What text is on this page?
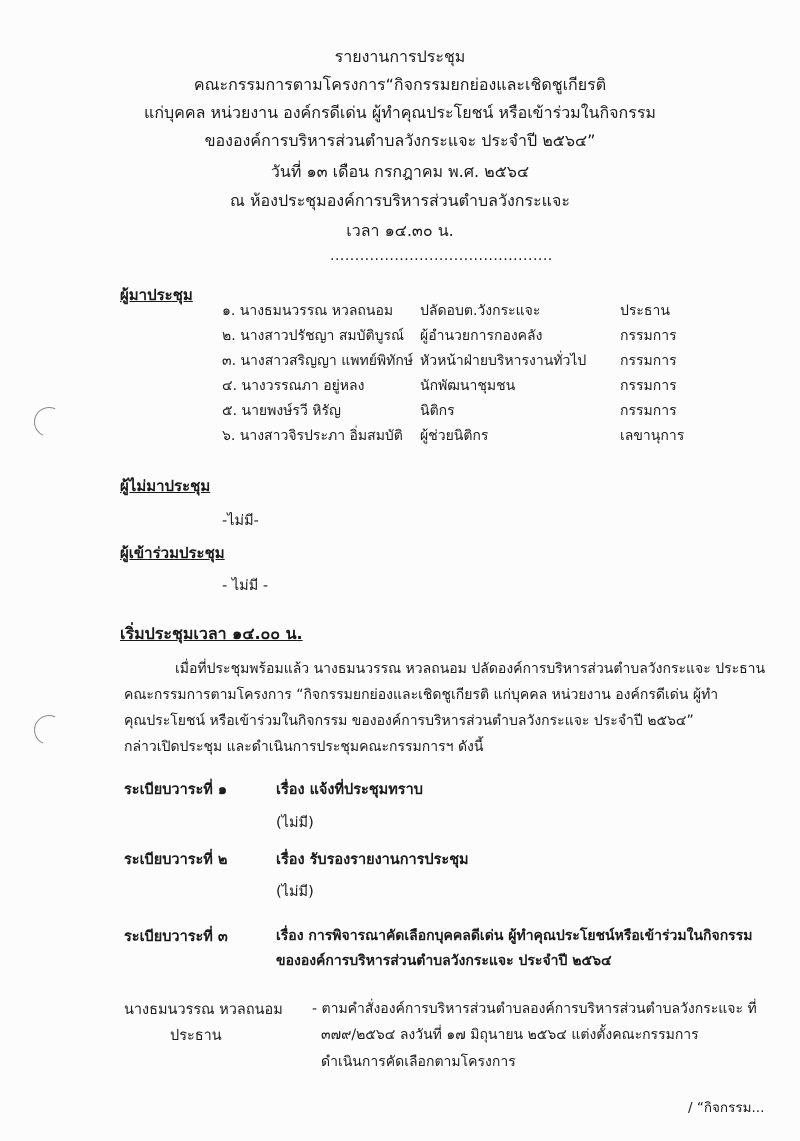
รายงานการประชุม
คณะกรรมการตามโครงการ“กิจกรรมยกย่องและเชิดชูเกียรติ
แก่บุคคล หน่วยงาน องค์กรดีเด่น ผู้ทำคุณประโยชน์ หรือเข้าร่วมในกิจกรรม
ขององค์การบริหารส่วนตำบลวังกระแจะ ประจำปี ๒๕๖๔”
วันที่ ๑๓ เดือน กรกฎาคม พ.ศ. ๒๕๖๔
ณ ห้องประชุมองค์การบริหารส่วนตำบลวังกระแจะ
เวลา ๑๔.๓๐ น.
.............................................
ผู้มาประชุม
๑. นางธมนวรรณ หวลถนอม ปลัดอบต.วังกระแจะ	ประธาน
๒. นางสาวปรัชญา สมบัติบูรณ์ ผู้อำนวยการกองคลัง	กรรมการ
๓. นางสาวสริญญา แพทย์พิทักษ์ หัวหน้าฝ่ายบริหารงานทั่วไป กรรมการ
๔. นางวรรณภา อยู่หลง	นักพัฒนาชุมชน	กรรมการ
๕. นายพงษ์รวี หิรัญ	นิติกร	กรรมการ
๖. นางสาวจิรประภา อิ่มสมบัติ ผู้ช่วยนิติกร	เลขานุการ
ผู้ไม่มาประชุม
-ไม่มี-
ผู้เข้าร่วมประชุม
- ไม่มี -
เริ่มประชุมเวลา ๑๔.๐๐ น.
เมื่อที่ประชุมพร้อมแล้ว นางธมนวรรณ หวลถนอม ปลัดองค์การบริหารส่วนตำบลวังกระแจะ ประธาน
คณะกรรมการตามโครงการ “กิจกรรมยกย่องและเชิดชูเกียรติ แก่บุคคล หน่วยงาน องค์กรดีเด่น ผู้ทำ
คุณประโยชน์ หรือเข้าร่วมในกิจกรรม ขององค์การบริหารส่วนตำบลวังกระแจะ ประจำปี ๒๕๖๔”
กล่าวเปิดประชุม และดำเนินการประชุมคณะกรรมการฯ ดังนี้
ระเบียบวาระที่ ๑	เรื่อง แจ้งที่ประชุมทราบ
(ไม่มี)
ระเบียบวาระที่ ๒	เรื่อง รับรองรายงานการประชุม
(ไม่มี)
ระเบียบวาระที่ ๓	เรื่อง การพิจารณาคัดเลือกบุคคลดีเด่น ผู้ทำคุณประโยชน์หรือเข้าร่วมในกิจกรรม
ขององค์การบริหารส่วนตำบลวังกระแจะ ประจำปี ๒๕๖๔
นางธมนวรรณ หวลถนอม
ประธาน
- ตามคำสั่งองค์การบริหารส่วนตำบลองค์การบริหารส่วนตำบลวังกระแจะ ที่
๓๗๙/๒๕๖๔ ลงวันที่ ๑๗ มิถุนายน ๒๕๖๔ แต่งตั้งคณะกรรมการ
ดำเนินการคัดเลือกตามโครงการ
/ “กิจกรรม...
